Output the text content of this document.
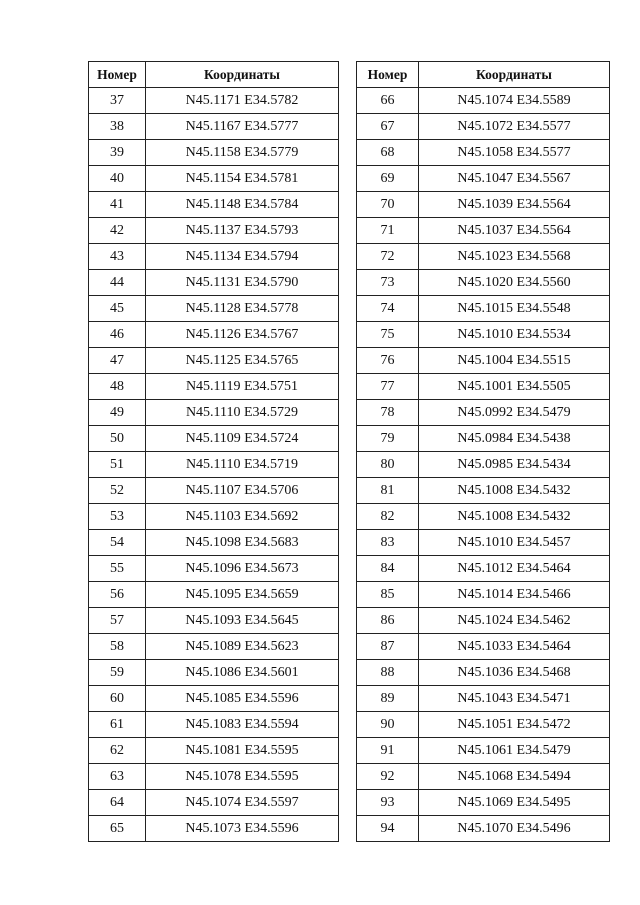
Номер	Координаты
37	N45.1171 E34.5782
38	N45.1167 E34.5777
39	N45.1158 E34.5779
40	N45.1154 E34.5781
41	N45.1148 E34.5784
42	N45.1137 E34.5793
43	N45.1134 E34.5794
44	N45.1131 E34.5790
45	N45.1128 E34.5778
46	N45.1126 E34.5767
47	N45.1125 E34.5765
48	N45.1119 E34.5751
49	N45.1110 E34.5729
50	N45.1109 E34.5724
51	N45.1110 E34.5719
52	N45.1107 E34.5706
53	N45.1103 E34.5692
54	N45.1098 E34.5683
55	N45.1096 E34.5673
56	N45.1095 E34.5659
57	N45.1093 E34.5645
58	N45.1089 E34.5623
59	N45.1086 E34.5601
60	N45.1085 E34.5596
61	N45.1083 E34.5594
62	N45.1081 E34.5595
63	N45.1078 E34.5595
64	N45.1074 E34.5597
65	N45.1073 E34.5596
Номер	Координаты
66	N45.1074 E34.5589
67	N45.1072 E34.5577
68	N45.1058 E34.5577
69	N45.1047 E34.5567
70	N45.1039 E34.5564
71	N45.1037 E34.5564
72	N45.1023 E34.5568
73	N45.1020 E34.5560
74	N45.1015 E34.5548
75	N45.1010 E34.5534
76	N45.1004 E34.5515
77	N45.1001 E34.5505
78	N45.0992 E34.5479
79	N45.0984 E34.5438
80	N45.0985 E34.5434
81	N45.1008 E34.5432
82	N45.1008 E34.5432
83	N45.1010 E34.5457
84	N45.1012 E34.5464
85	N45.1014 E34.5466
86	N45.1024 E34.5462
87	N45.1033 E34.5464
88	N45.1036 E34.5468
89	N45.1043 E34.5471
90	N45.1051 E34.5472
91	N45.1061 E34.5479
92	N45.1068 E34.5494
93	N45.1069 E34.5495
94	N45.1070 E34.5496
